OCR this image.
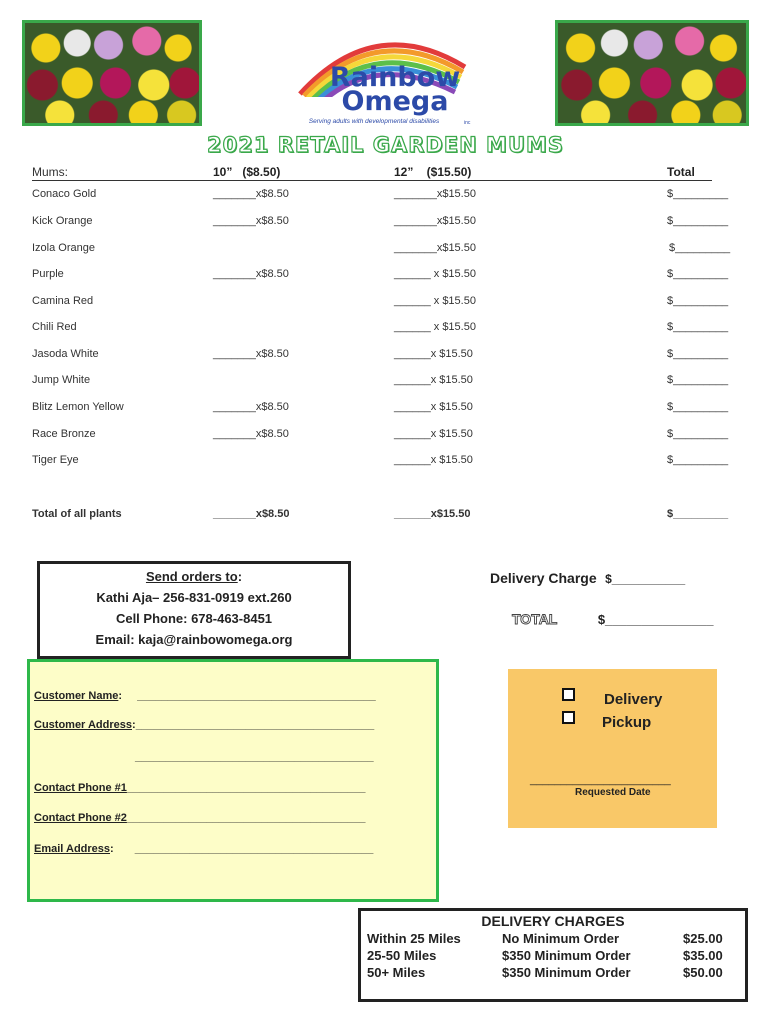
Rainbow
Omega
Serving adults with developmental disabilities	inc
2021 RETAIL GARDEN MUMS
Mums:	10”   ($8.50)	12”    ($15.50)	Total
Conaco Gold	_______x$8.50	_______x$15.50	$_________
Kick Orange	_______x$8.50	_______x$15.50	$_________
Izola Orange	_______x$15.50	$_________
Purple	_______x$8.50	______ x $15.50	$_________
Camina Red	______ x $15.50	$_________
Chili Red	______ x $15.50	$_________
Jasoda White	_______x$8.50	______x $15.50	$_________
Jump White	______x $15.50	$_________
Blitz Lemon Yellow	_______x$8.50	______x $15.50	$_________
Race Bronze	_______x$8.50	______x $15.50	$_________
Tiger Eye	______x $15.50	$_________
Total of all plants	_______x$8.50	______x$15.50	$_________
Send orders to:
Kathi Aja– 256-831-0919 ext.260
Cell Phone: 678-463-8451
Email: kaja@rainbowomega.org
Delivery Charge $___________
TOTAL	$_______________
Customer Name: _______________________________________
Customer Address:_______________________________________
_______________________________________
Contact Phone #1_______________________________________
Contact Phone #2_______________________________________
Email Address: _______________________________________
Delivery
Pickup
_______________________
Requested Date
DELIVERY CHARGES
Within 25 Miles	No Minimum Order	$25.00
25-50 Miles	$350 Minimum Order	$35.00
50+ Miles	$350 Minimum Order	$50.00
